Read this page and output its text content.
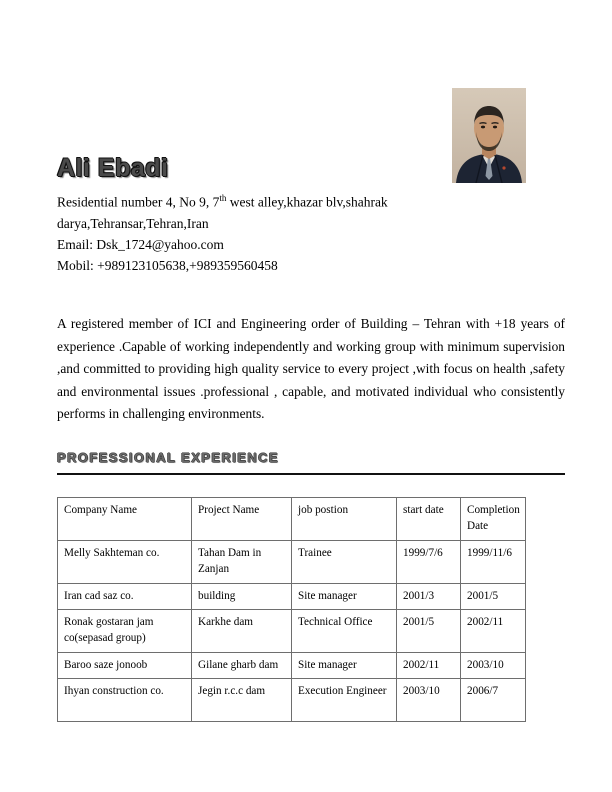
Ali Ebadi
Residential number 4, No 9, 7th west alley,khazar blv,shahrak
darya,Tehransar,Tehran,Iran
Email: Dsk_1724@yahoo.com
Mobil: +989123105638,+989359560458
A registered member of ICI and Engineering order of Building – Tehran with +18 years of experience .Capable of working independently and working group with minimum supervision ,and committed to providing high quality service to every project ,with focus on health ,safety and environmental issues .professional , capable, and motivated individual who consistently performs in challenging environments.
PROFESSIONAL EXPERIENCE
Company Name	Project Name	job postion	start date	Completion Date
Melly Sakhteman co.	Tahan Dam in Zanjan	Trainee	1999/7/6	1999/11/6
Iran cad saz co.	building	Site manager	2001/3	2001/5
Ronak gostaran jam co(sepasad group)	Karkhe dam	Technical Office	2001/5	2002/11
Baroo saze jonoob	Gilane gharb dam	Site manager	2002/11	2003/10
Ihyan construction co.	Jegin r.c.c dam	Execution Engineer	2003/10	2006/7
